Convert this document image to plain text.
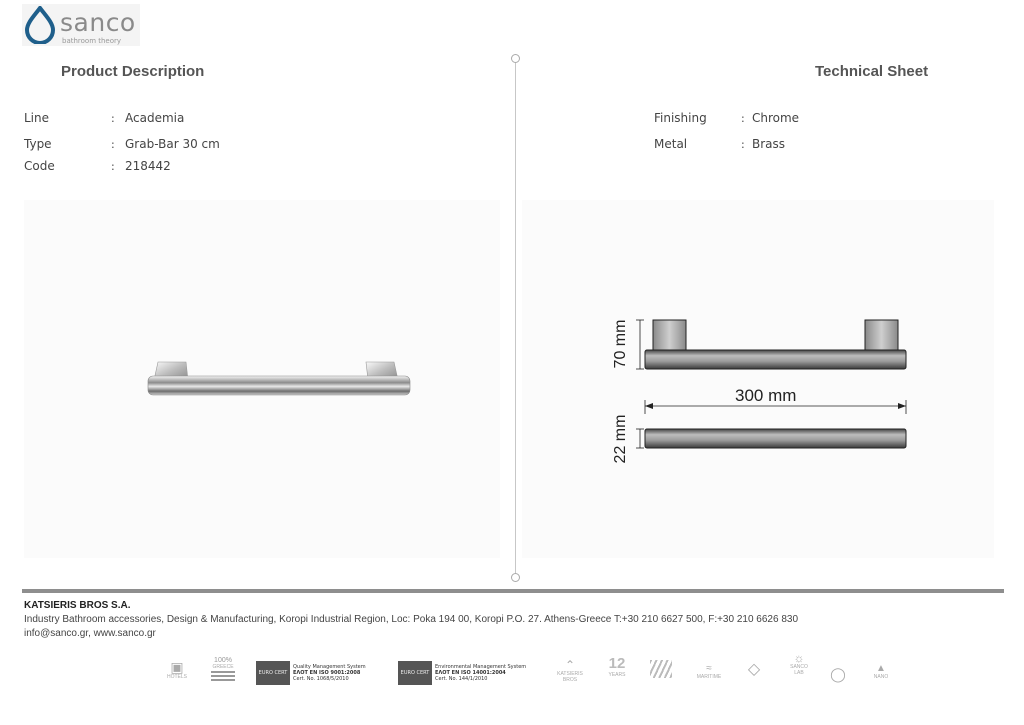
sanco
bathroom theory
Product Description	Technical Sheet
Line	: Academia
Type	: Grab-Bar 30 cm
Code	: 218442
Finishing	: Chrome
Metal	: Brass
70 mm
300 mm
22 mm
KATSIERIS BROS S.A.
Industry Bathroom accessories, Design & Manufacturing, Koropi Industrial Region, Loc: Poka 194 00, Koropi P.O. 27. Athens-Greece T:+30 210 6627 500, F:+30 210 6626 830
info@sanco.gr, www.sanco.gr
▣
HOTELS
100%
GREECE
EURO CERT
Quality Management System
ΕΛΟΤ EN ISO 9001:2008
Cert. No. 1068/5/2010
EURO CERT
Environmental Management System
ΕΛΟΤ EN ISO 14001:2004
Cert. No. 144/1/2010
⌃
KATSIERIS BROS
12
YEARS
≈
MARITIME	◇
☼
SANCO LAB	◯	▲
NANO
